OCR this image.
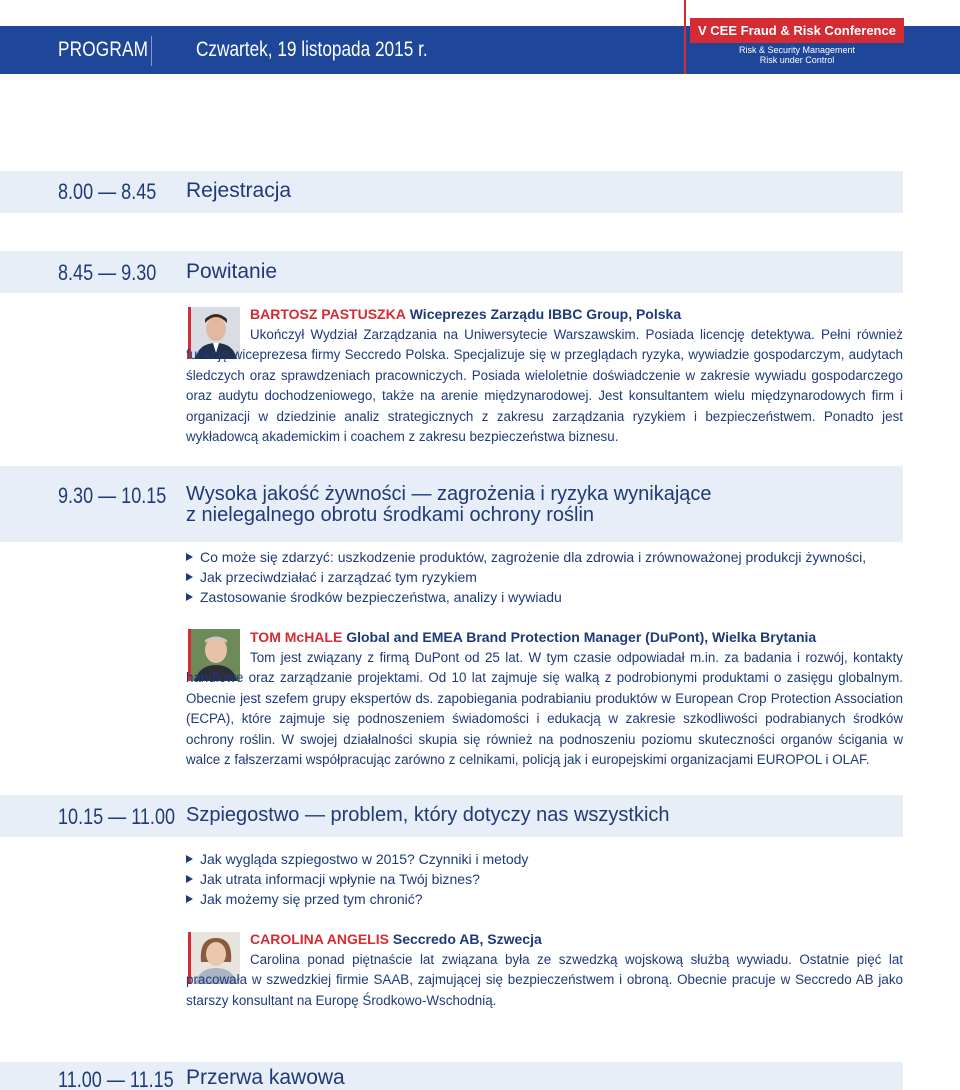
PROGRAM Czwartek, 19 listopada 2015 r.
V CEE Fraud & Risk Conference
Risk & Security Management
Risk under Control
8.00 — 8.45 Rejestracja
8.45 — 9.30 Powitanie
BARTOSZ PASTUSZKA Wiceprezes Zarządu IBBC Group, Polska
Ukończył Wydział Zarządzania na Uniwersytecie Warszawskim. Posiada licencję detektywa. Pełni również funkcję wiceprezesa firmy Seccredo Polska. Specjalizuje się w przeglądach ryzyka, wywiadzie gospodarczym, audytach śledczych oraz sprawdzeniach pracowniczych. Posiada wieloletnie doświadczenie w zakresie wywiadu gospodarczego oraz audytu dochodzeniowego, także na arenie międzynarodowej. Jest konsultantem wielu międzynarodowych firm i organizacji w dziedzinie analiz strategicznych z zakresu zarządzania ryzykiem i bezpieczeństwem. Ponadto jest wykładowcą akademickim i coachem z zakresu bezpieczeństwa biznesu.
9.30 — 10.15 Wysoka jakość żywności — zagrożenia i ryzyka wynikające
z nielegalnego obrotu środkami ochrony roślin
Co może się zdarzyć: uszkodzenie produktów, zagrożenie dla zdrowia i zrównoważonej produkcji żywności,
Jak przeciwdziałać i zarządzać tym ryzykiem
Zastosowanie środków bezpieczeństwa, analizy i wywiadu
TOM McHALE Global and EMEA Brand Protection Manager (DuPont), Wielka Brytania
Tom jest związany z firmą DuPont od 25 lat. W tym czasie odpowiadał m.in. za badania i rozwój, kontakty handlowe oraz zarządzanie projektami. Od 10 lat zajmuje się walką z podrobionymi produktami o zasięgu globalnym. Obecnie jest szefem grupy ekspertów ds. zapobiegania podrabianiu produktów w European Crop Protection Association (ECPA), które zajmuje się podnoszeniem świadomości i edukacją w zakresie szkodliwości podrabianych środków ochrony roślin. W swojej działalności skupia się również na podnoszeniu poziomu skuteczności organów ścigania w walce z fałszerzami współpracując zarówno z celnikami, policją jak i europejskimi organizacjami EUROPOL i OLAF.
10.15 — 11.00 Szpiegostwo — problem, który dotyczy nas wszystkich
Jak wygląda szpiegostwo w 2015? Czynniki i metody
Jak utrata informacji wpłynie na Twój biznes?
Jak możemy się przed tym chronić?
CAROLINA ANGELIS Seccredo AB, Szwecja
Carolina ponad piętnaście lat związana była ze szwedzką wojskową służbą wywiadu. Ostatnie pięć lat pracowała w szwedzkiej firmie SAAB, zajmującej się bezpieczeństwem i obroną. Obecnie pracuje w Seccredo AB jako starszy konsultant na Europę Środkowo-Wschodnią.
11.00 — 11.15 Przerwa kawowa
